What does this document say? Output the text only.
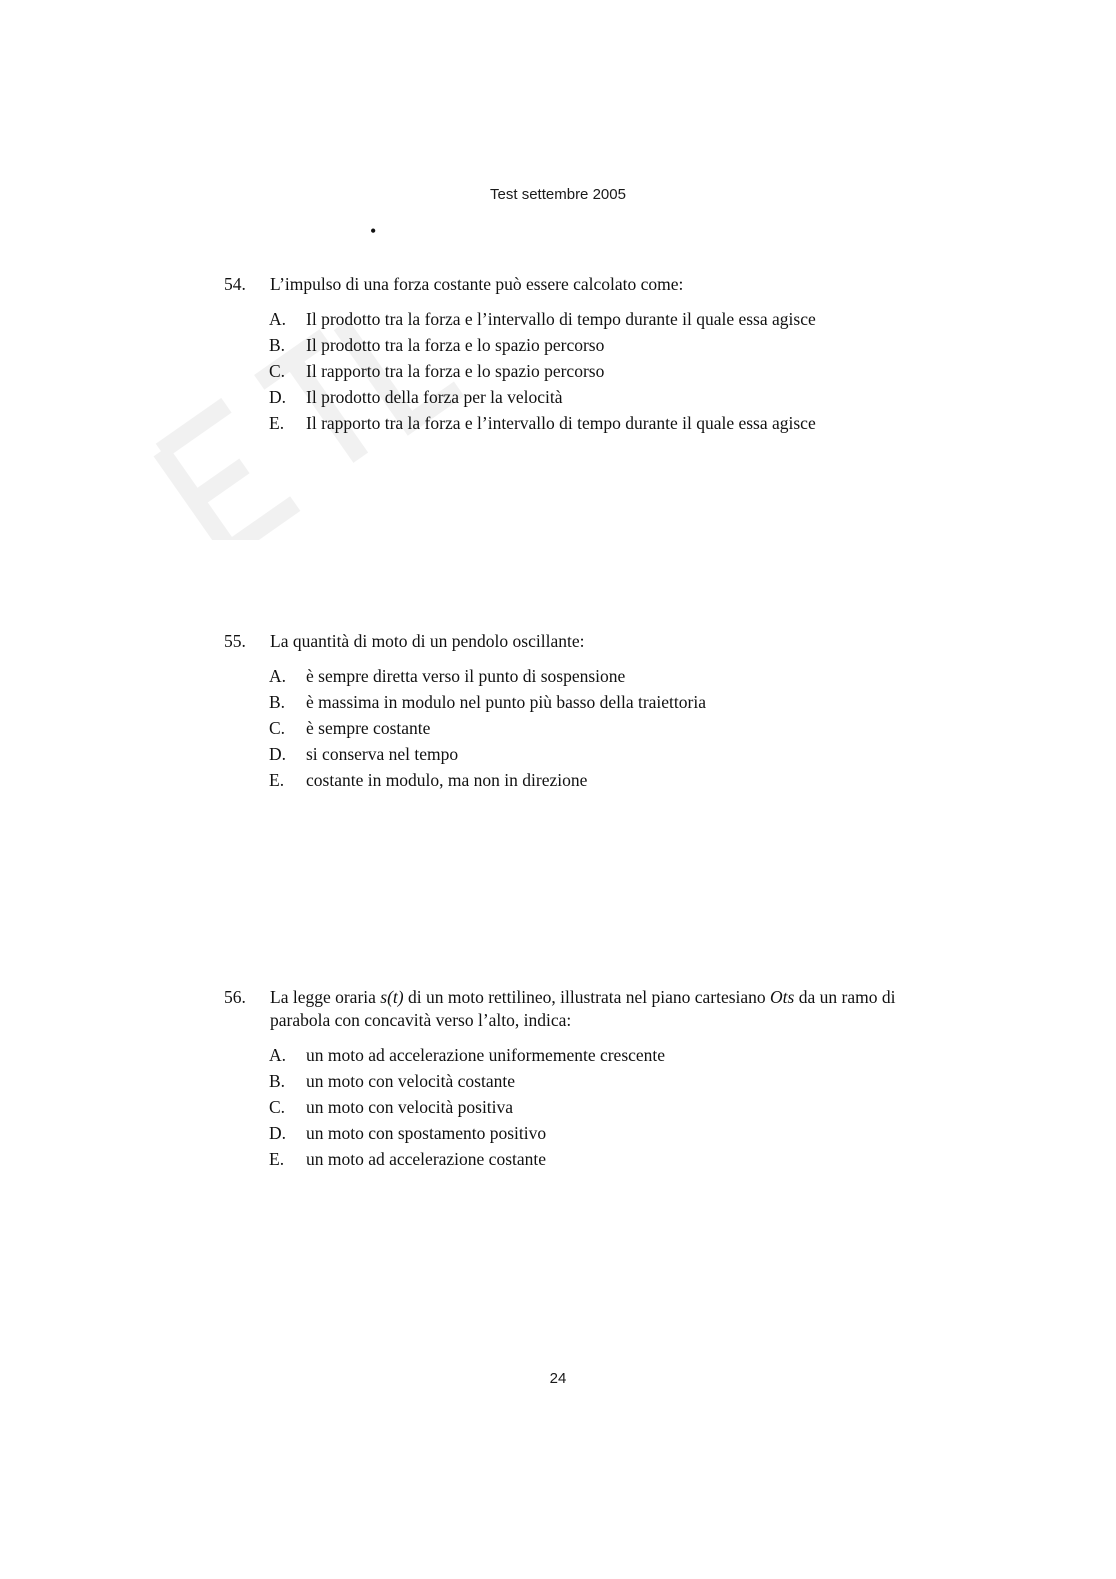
Test settembre 2005
•
54. L’impulso di una forza costante può essere calcolato come:
A. Il prodotto tra la forza e l’intervallo di tempo durante il quale essa agisce
B. Il prodotto tra la forza e lo spazio percorso
C. Il rapporto tra la forza e lo spazio percorso
D. Il prodotto della forza per la velocità
E. Il rapporto tra la forza e l’intervallo di tempo durante il quale essa agisce
55. La quantità di moto di un pendolo oscillante:
A. è sempre diretta verso il punto di sospensione
B. è massima in modulo nel punto più basso della traiettoria
C. è sempre costante
D. si conserva nel tempo
E. costante in modulo, ma non in direzione
56. La legge oraria s(t) di un moto rettilineo, illustrata nel piano cartesiano Ots da un ramo di parabola con concavità verso l’alto, indica:
A. un moto ad accelerazione uniformemente crescente
B. un moto con velocità costante
C. un moto con velocità positiva
D. un moto con spostamento positivo
E. un moto ad accelerazione costante
24
